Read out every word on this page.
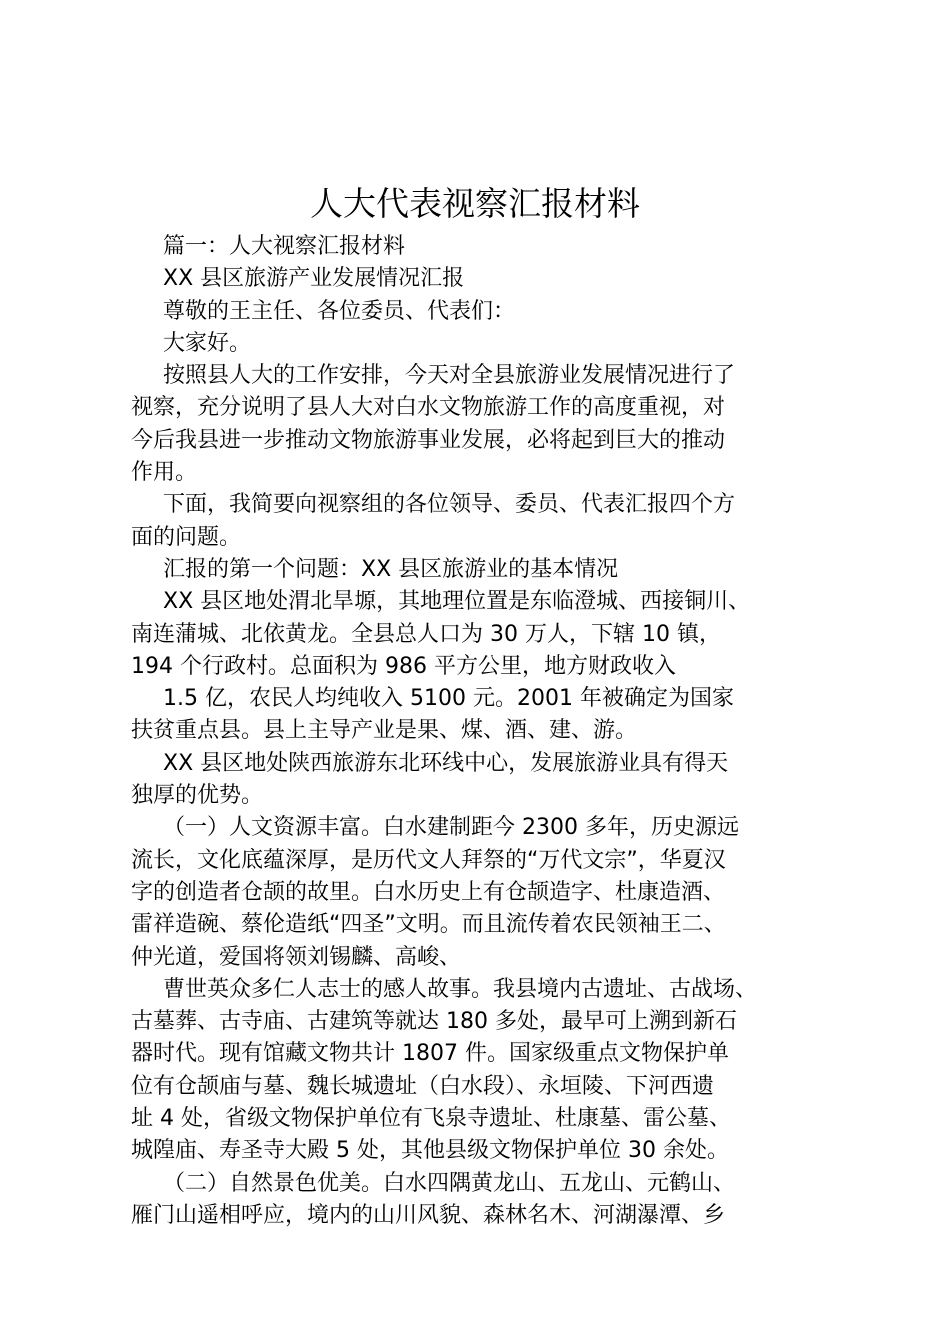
人大代表视察汇报材料
篇一：人大视察汇报材料
XX 县区旅游产业发展情况汇报
尊敬的王主任、各位委员、代表们：
大家好。
按照县人大的工作安排，今天对全县旅游业发展情况进行了
视察，充分说明了县人大对白水文物旅游工作的高度重视，对
今后我县进一步推动文物旅游事业发展，必将起到巨大的推动
作用。
下面，我简要向视察组的各位领导、委员、代表汇报四个方
面的问题。
汇报的第一个问题：XX 县区旅游业的基本情况
XX 县区地处渭北旱塬，其地理位置是东临澄城、西接铜川、
南连蒲城、北依黄龙。全县总人口为 30 万人，下辖 10 镇，
194 个行政村。总面积为 986 平方公里，地方财政收入
1.5 亿，农民人均纯收入 5100 元。2001 年被确定为国家
扶贫重点县。县上主导产业是果、煤、酒、建、游。
XX 县区地处陕西旅游东北环线中心，发展旅游业具有得天
独厚的优势。
（一）人文资源丰富。白水建制距今 2300 多年，历史源远
流长，文化底蕴深厚，是历代文人拜祭的“万代文宗”，华夏汉
字的创造者仓颉的故里。白水历史上有仓颉造字、杜康造酒、
雷祥造碗、蔡伦造纸“四圣”文明。而且流传着农民领袖王二、
仲光道，爱国将领刘锡麟、高峻、
曹世英众多仁人志士的感人故事。我县境内古遗址、古战场、
古墓葬、古寺庙、古建筑等就达 180 多处，最早可上溯到新石
器时代。现有馆藏文物共计 1807 件。国家级重点文物保护单
位有仓颉庙与墓、魏长城遗址（白水段）、永垣陵、下河西遗
址 4 处，省级文物保护单位有飞泉寺遗址、杜康墓、雷公墓、
城隍庙、寿圣寺大殿 5 处，其他县级文物保护单位 30 余处。
（二）自然景色优美。白水四隅黄龙山、五龙山、元鹤山、
雁门山遥相呼应，境内的山川风貌、森林名木、河湖瀑潭、乡
